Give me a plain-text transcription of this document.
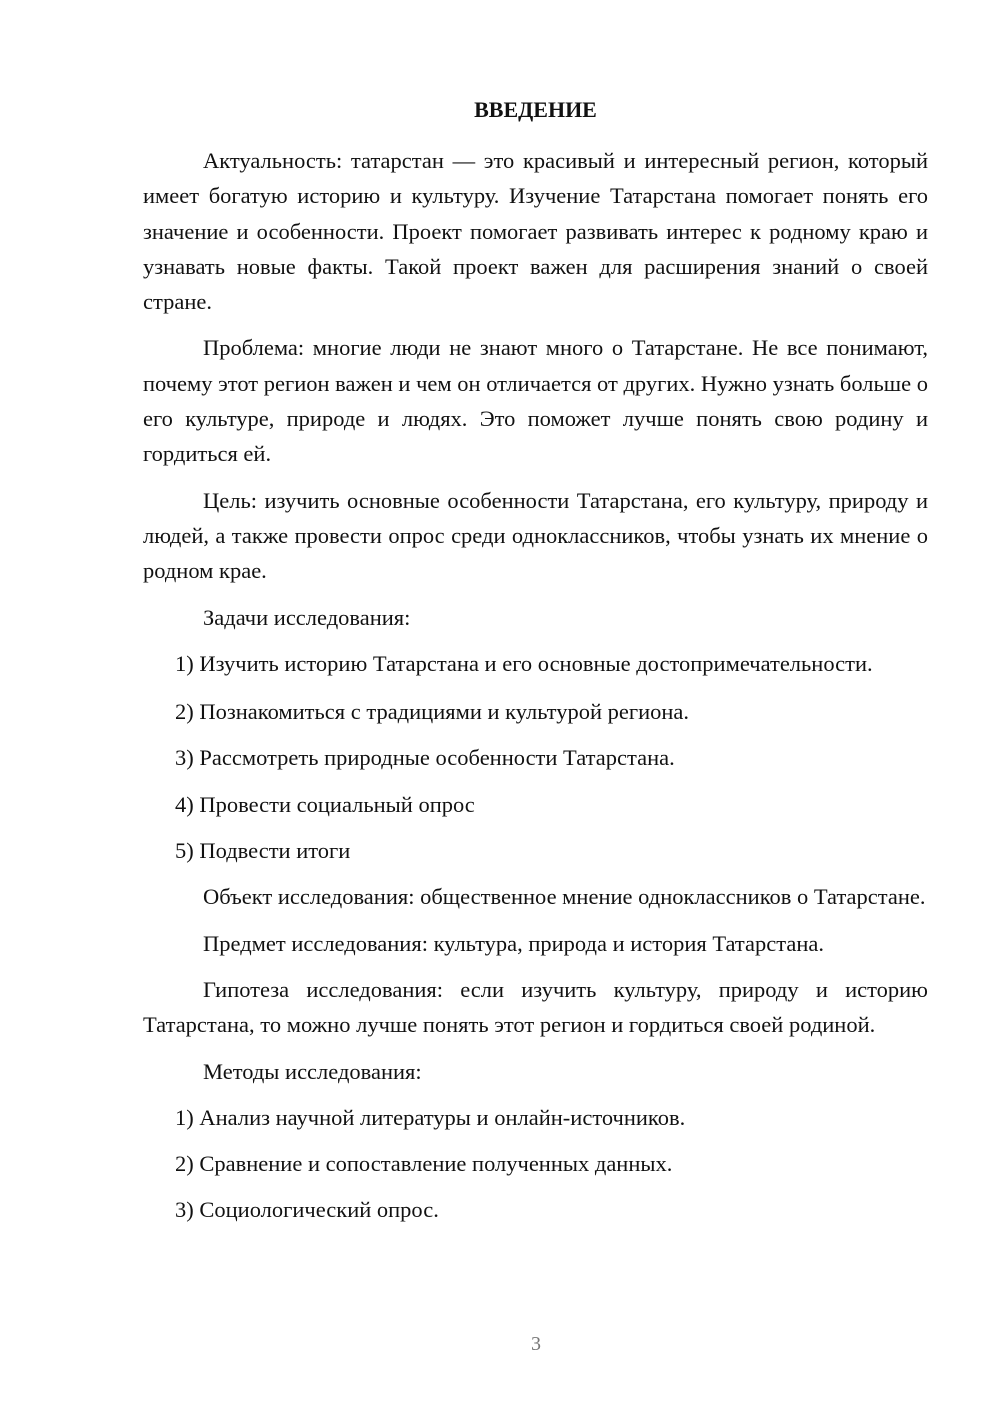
ВВЕДЕНИЕ

Актуальность: татарстан — это красивый и интересный регион, который имеет богатую историю и культуру. Изучение Татарстана помогает понять его значение и особенности. Проект помогает развивать интерес к родному краю и узнавать новые факты. Такой проект важен для расширения знаний о своей стране.

Проблема: многие люди не знают много о Татарстане. Не все понимают, почему этот регион важен и чем он отличается от других. Нужно узнать больше о его культуре, природе и людях. Это поможет лучше понять свою родину и гордиться ей.

Цель: изучить основные особенности Татарстана, его культуру, природу и людей, а также провести опрос среди одноклассников, чтобы узнать их мнение о родном крае.

Задачи исследования:

1) Изучить историю Татарстана и его основные достопримечательности.

2) Познакомиться с традициями и культурой региона.

3) Рассмотреть природные особенности Татарстана.

4) Провести социальный опрос

5) Подвести итоги

Объект исследования: общественное мнение одноклассников о Татарстане.

Предмет исследования: культура, природа и история Татарстана.

Гипотеза исследования: если изучить культуру, природу и историю Татарстана, то можно лучше понять этот регион и гордиться своей родиной.

Методы исследования:

1) Анализ научной литературы и онлайн-источников.

2) Сравнение и сопоставление полученных данных.

3) Социологический опрос.

3
